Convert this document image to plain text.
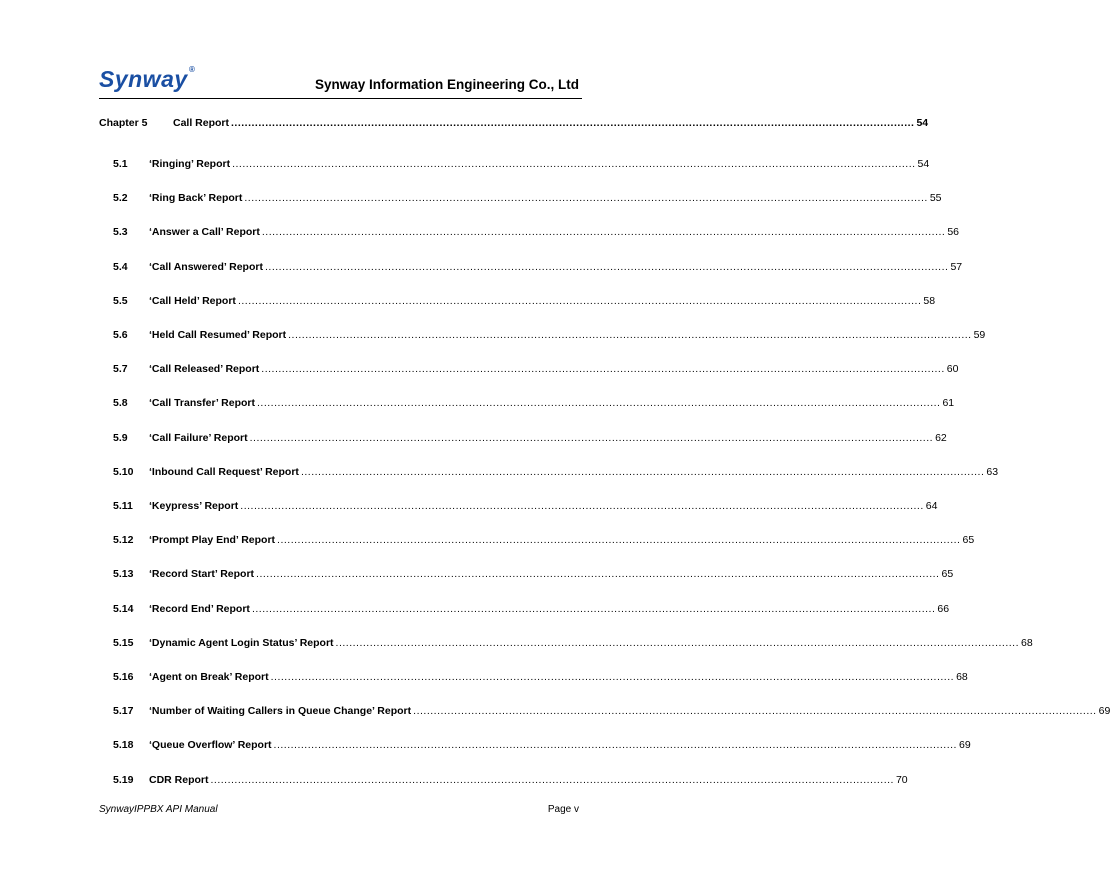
Synway ®
Synway Information Engineering Co., Ltd
Chapter 5	Call Report ........................................................................................................................................................................................................ 54
5.1	‘Ringing’ Report ........................................................................................................................................................................................................ 54
5.2	‘Ring Back’ Report ........................................................................................................................................................................................................ 55
5.3	‘Answer a Call’ Report ........................................................................................................................................................................................................ 56
5.4	‘Call Answered’ Report ........................................................................................................................................................................................................ 57
5.5	‘Call Held’ Report ........................................................................................................................................................................................................ 58
5.6	‘Held Call Resumed’ Report ........................................................................................................................................................................................................ 59
5.7	‘Call Released’ Report ........................................................................................................................................................................................................ 60
5.8	‘Call Transfer’ Report ........................................................................................................................................................................................................ 61
5.9	‘Call Failure’ Report ........................................................................................................................................................................................................ 62
5.10	‘Inbound Call Request’ Report ........................................................................................................................................................................................................ 63
5.11	‘Keypress’ Report ........................................................................................................................................................................................................ 64
5.12	‘Prompt Play End’ Report ........................................................................................................................................................................................................ 65
5.13	‘Record Start’ Report ........................................................................................................................................................................................................ 65
5.14	‘Record End’ Report ........................................................................................................................................................................................................ 66
5.15	‘Dynamic Agent Login Status’ Report ........................................................................................................................................................................................................ 68
5.16	‘Agent on Break’ Report ........................................................................................................................................................................................................ 68
5.17	‘Number of Waiting Callers in Queue Change’ Report ........................................................................................................................................................................................................ 69
5.18	‘Queue Overflow’ Report ........................................................................................................................................................................................................ 69
5.19	CDR Report ........................................................................................................................................................................................................ 70
SynwayIPPBX API Manual	Page v
